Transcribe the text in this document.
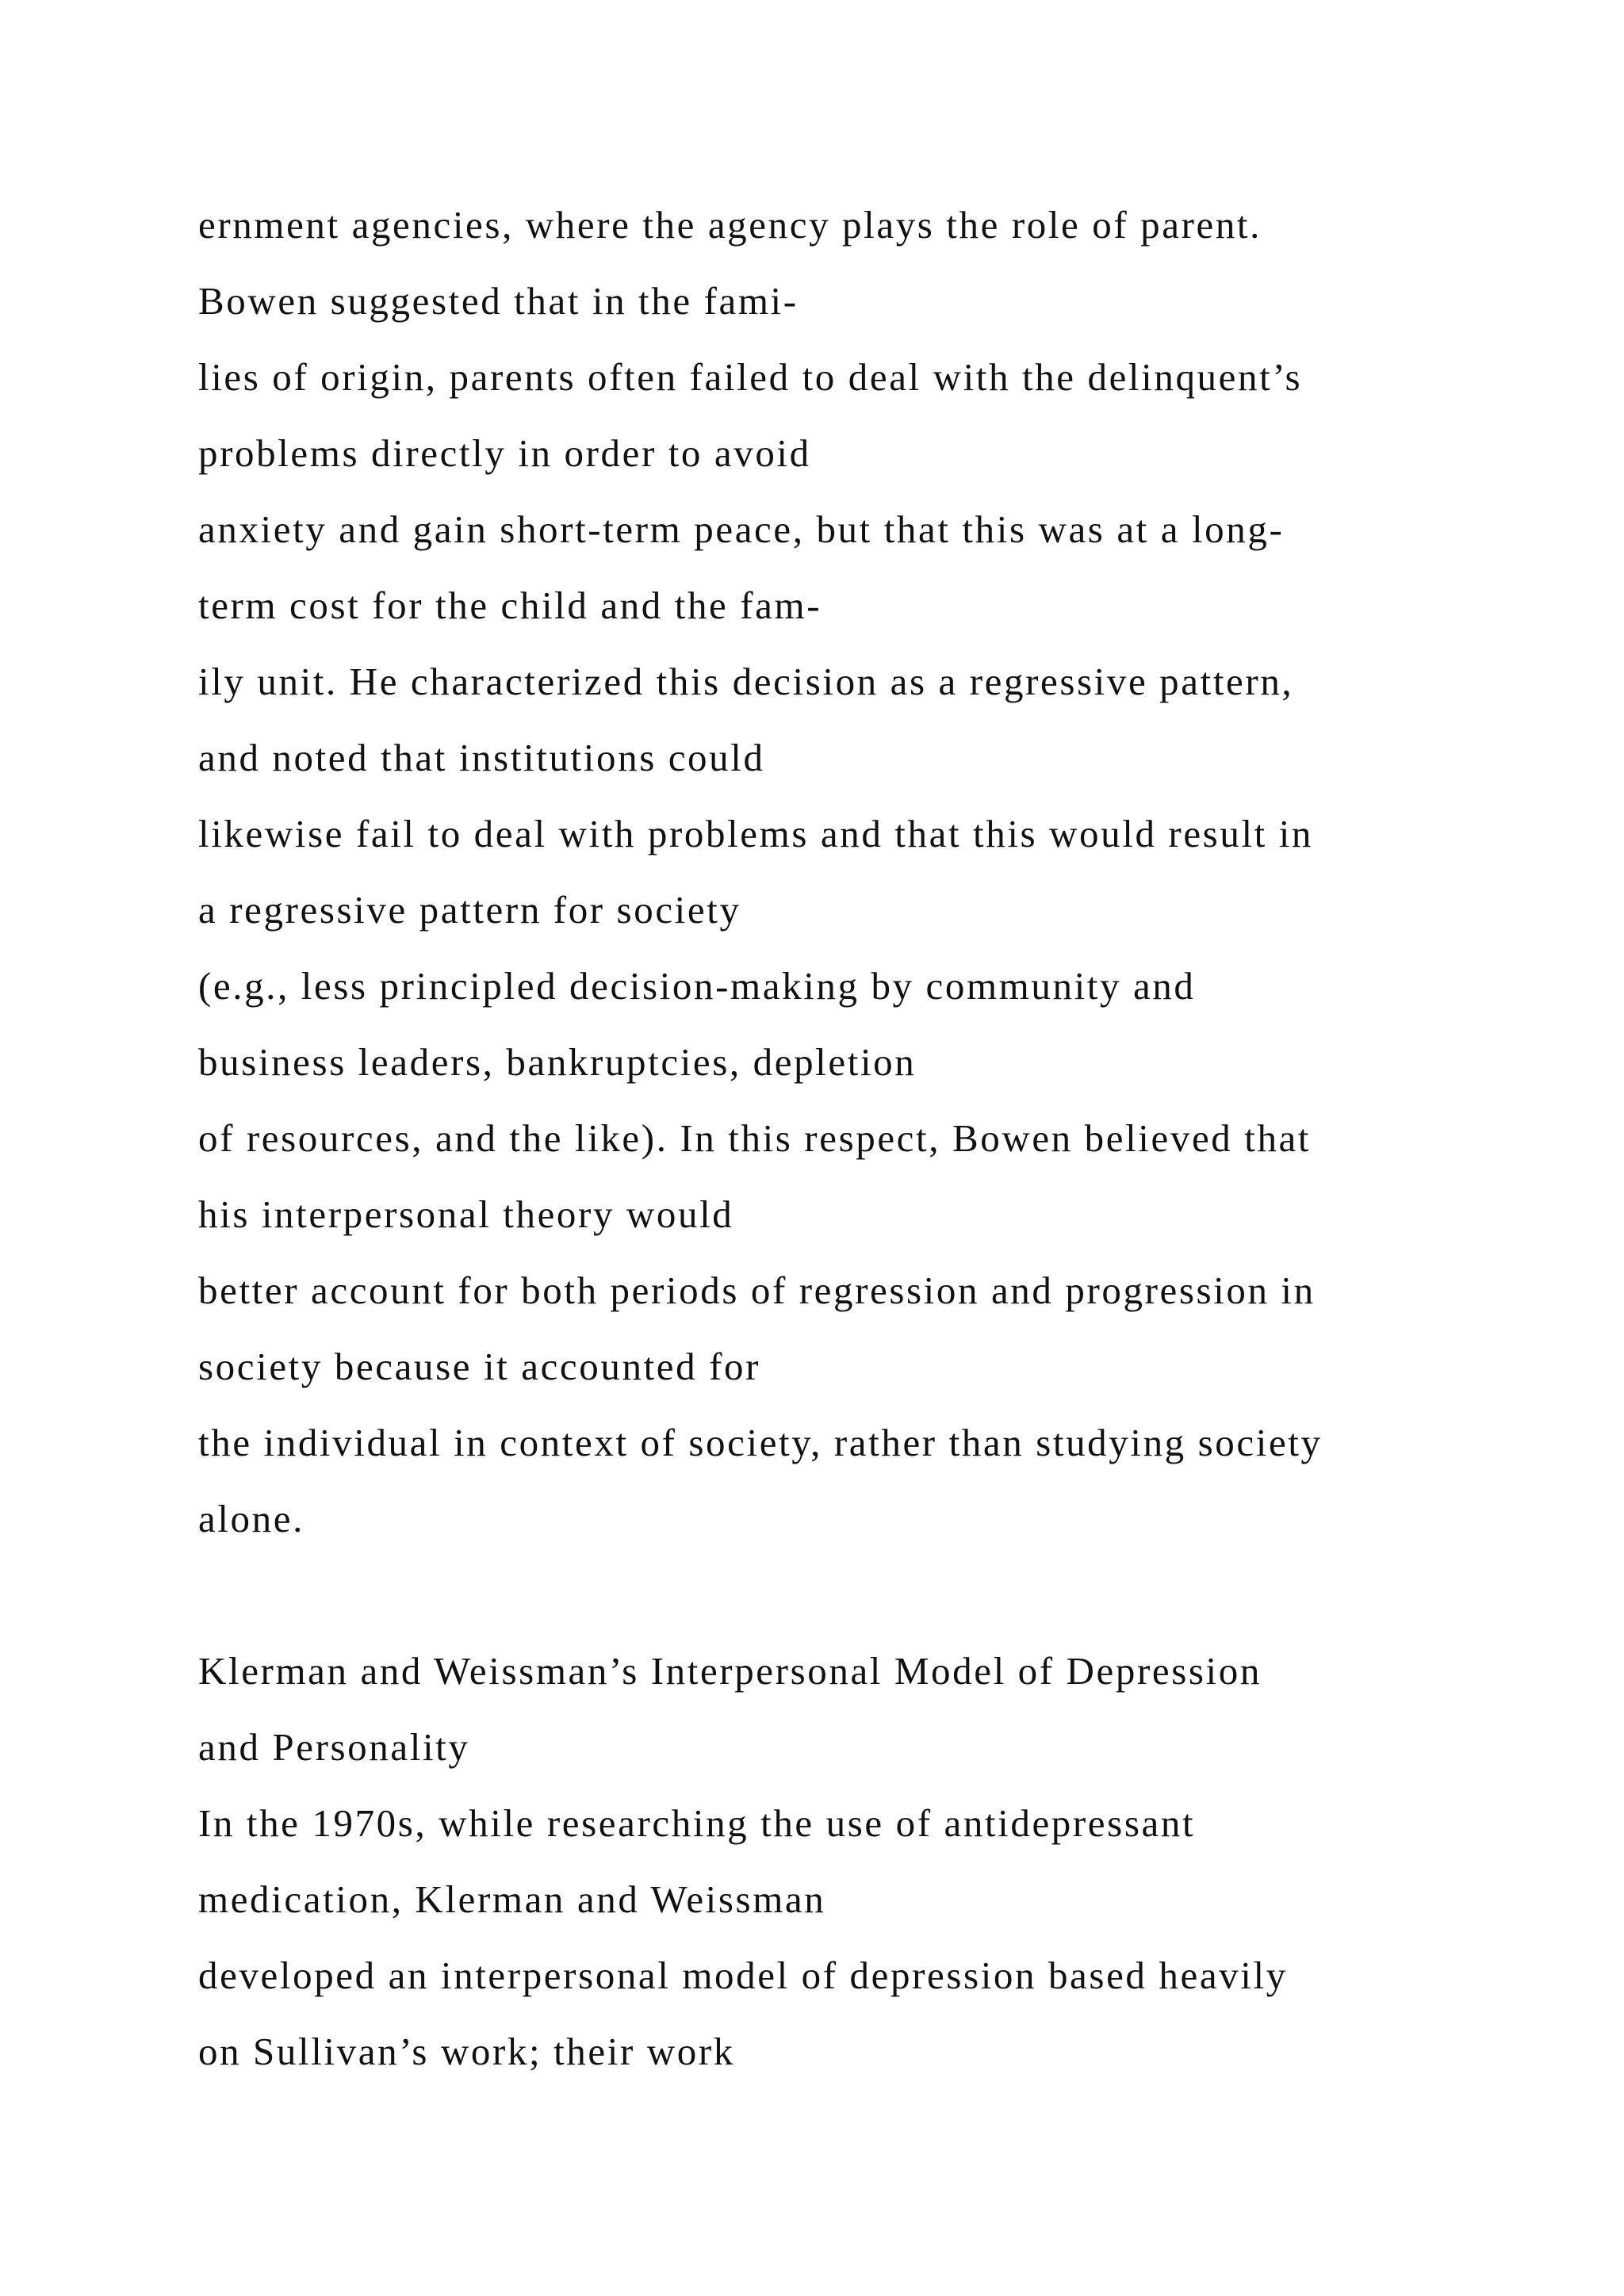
ernment agencies, where the agency plays the role of parent.
Bowen suggested that in the fami-
lies of origin, parents often failed to deal with the delinquent’s
problems directly in order to avoid
anxiety and gain short-term peace, but that this was at a long-
term cost for the child and the fam-
ily unit. He characterized this decision as a regressive pattern,
and noted that institutions could
likewise fail to deal with problems and that this would result in
a regressive pattern for society
(e.g., less principled decision-making by community and
business leaders, bankruptcies, depletion
of resources, and the like). In this respect, Bowen believed that
his interpersonal theory would
better account for both periods of regression and progression in
society because it accounted for
the individual in context of society, rather than studying society
alone.
Klerman and Weissman’s Interpersonal Model of Depression
and Personality
In the 1970s, while researching the use of antidepressant
medication, Klerman and Weissman
developed an interpersonal model of depression based heavily
on Sullivan’s work; their work
